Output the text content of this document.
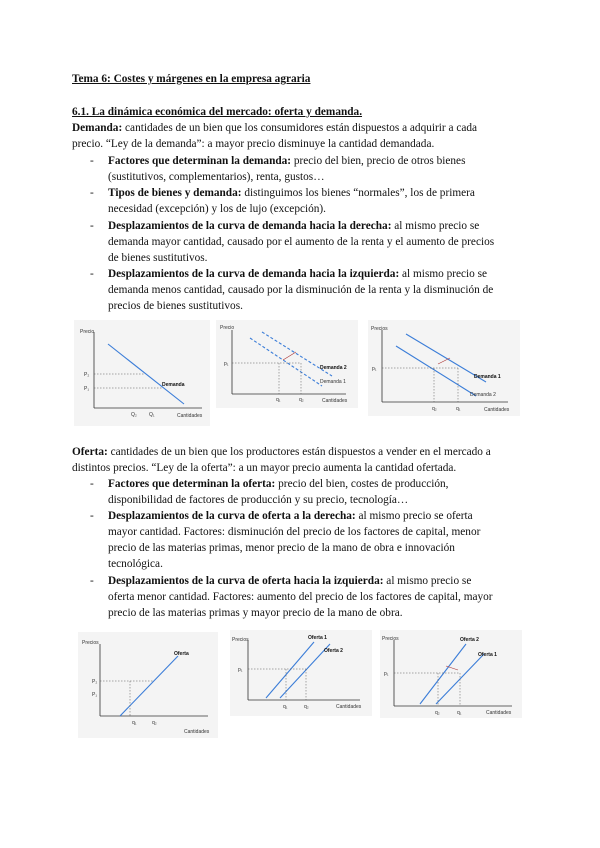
Tema 6: Costes y márgenes en la empresa agraria
6.1. La dinámica económica del mercado: oferta y demanda.
Demanda: cantidades de un bien que los consumidores están dispuestos a adquirir a cada
precio. “Ley de la demanda”: a mayor precio disminuye la cantidad demandada.
- Factores que determinan la demanda: precio del bien, precio de otros bienes
(sustitutivos, complementarios), renta, gustos…
- Tipos de bienes y demanda: distinguimos los bienes “normales”, los de primera
necesidad (excepción) y los de lujo (excepción).
- Desplazamientos de la curva de demanda hacia la derecha: al mismo precio se
demanda mayor cantidad, causado por el aumento de la renta y el aumento de precios
de bienes sustitutivos.
- Desplazamientos de la curva de demanda hacia la izquierda: al mismo precio se
demanda menos cantidad, causado por la disminución de la renta y la disminución de
precios de bienes sustitutivos.
Precio
P₂
P₁
Demanda
Q₂ Q₁	Cantidades
Precio
p₁
Demanda 2
Demanda 1
q₁	q₂	Cantidades
Precios
p₁
Demanda 1
Demanda 2
q₂	q₁	Cantidades
Oferta: cantidades de un bien que los productores están dispuestos a vender en el mercado a
distintos precios. “Ley de la oferta”: a un mayor precio aumenta la cantidad ofertada.
- Factores que determinan la oferta: precio del bien, costes de producción,
disponibilidad de factores de producción y su precio, tecnología…
- Desplazamientos de la curva de oferta a la derecha: al mismo precio se oferta
mayor cantidad. Factores: disminución del precio de los factores de capital, menor
precio de las materias primas, menor precio de la mano de obra e innovación
tecnológica.
- Desplazamientos de la curva de oferta hacia la izquierda: al mismo precio se
oferta menor cantidad. Factores: aumento del precio de los factores de capital, mayor
precio de las materias primas y mayor precio de la mano de obra.
Precios
P₂
P₁
Oferta
q₁	q₂
Cantidades
Precios
p₁
Oferta 1
Oferta 2
q₁	q₂	Cantidades
Precios
p₁
Oferta 2
Oferta 1
q₂	q₁	Cantidades
